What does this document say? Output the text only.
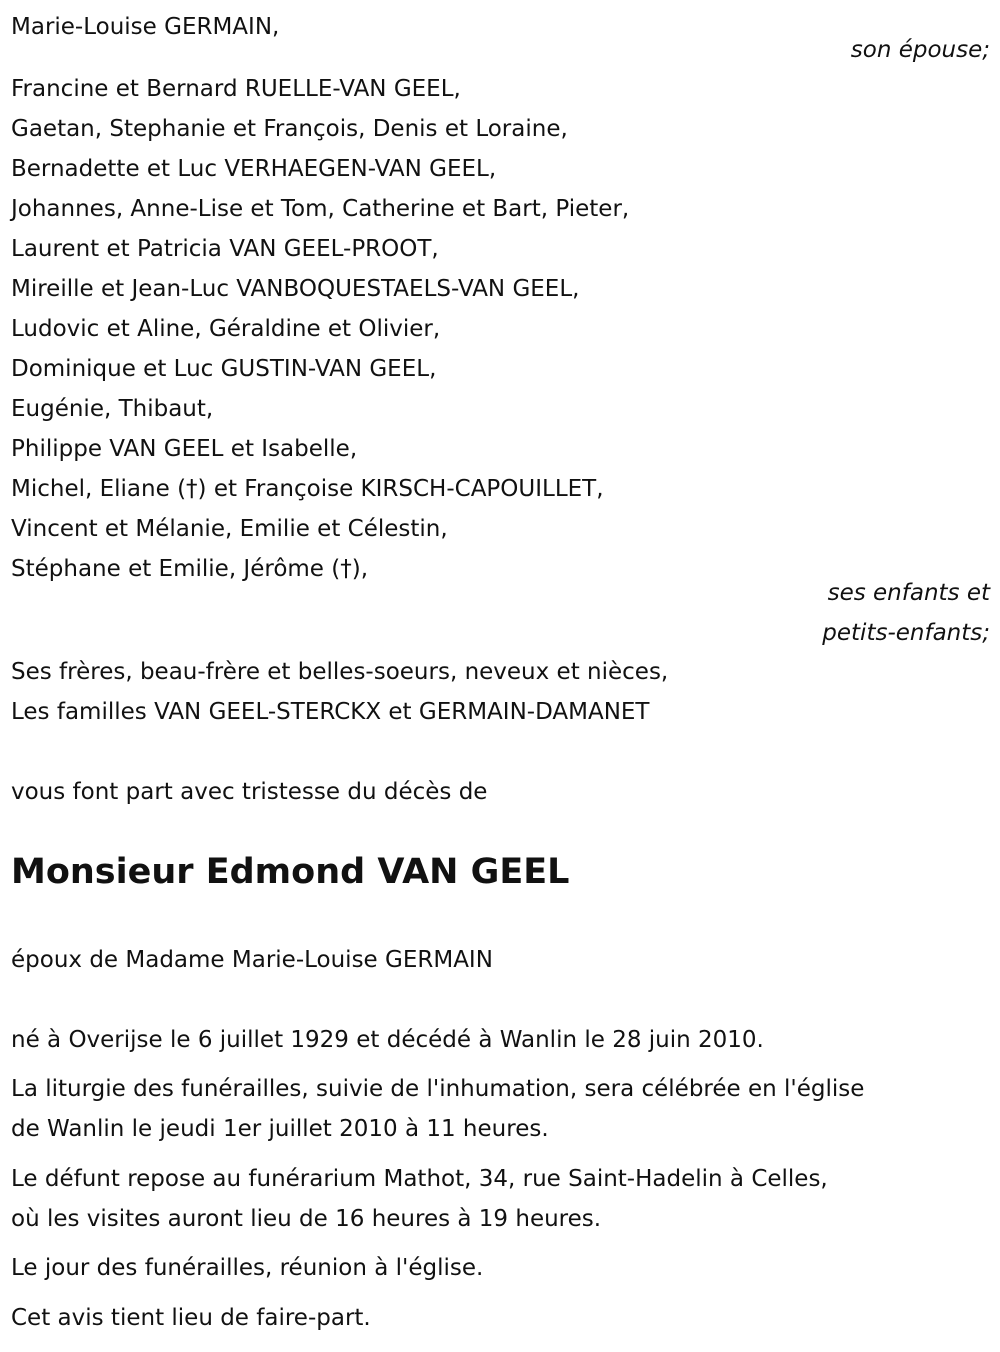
Marie-Louise GERMAIN,
son épouse;
Francine et Bernard RUELLE-VAN GEEL,
Gaetan, Stephanie et François, Denis et Loraine,
Bernadette et Luc VERHAEGEN-VAN GEEL,
Johannes, Anne-Lise et Tom, Catherine et Bart, Pieter,
Laurent et Patricia VAN GEEL-PROOT,
Mireille et Jean-Luc VANBOQUESTAELS-VAN GEEL,
Ludovic et Aline, Géraldine et Olivier,
Dominique et Luc GUSTIN-VAN GEEL,
Eugénie, Thibaut,
Philippe VAN GEEL et Isabelle,
Michel, Eliane (†) et Françoise KIRSCH-CAPOUILLET,
Vincent et Mélanie, Emilie et Célestin,
Stéphane et Emilie, Jérôme (†),
ses enfants et
petits-enfants;
Ses frères, beau-frère et belles-soeurs, neveux et nièces,
Les familles VAN GEEL-STERCKX et GERMAIN-DAMANET
vous font part avec tristesse du décès de
Monsieur Edmond VAN GEEL
époux de Madame Marie-Louise GERMAIN
né à Overijse le 6 juillet 1929 et décédé à Wanlin le 28 juin 2010.
La liturgie des funérailles, suivie de l'inhumation, sera célébrée en l'église
de Wanlin le jeudi 1er juillet 2010 à 11 heures.
Le défunt repose au funérarium Mathot, 34, rue Saint-Hadelin à Celles,
où les visites auront lieu de 16 heures à 19 heures.
Le jour des funérailles, réunion à l'église.
Cet avis tient lieu de faire-part.
